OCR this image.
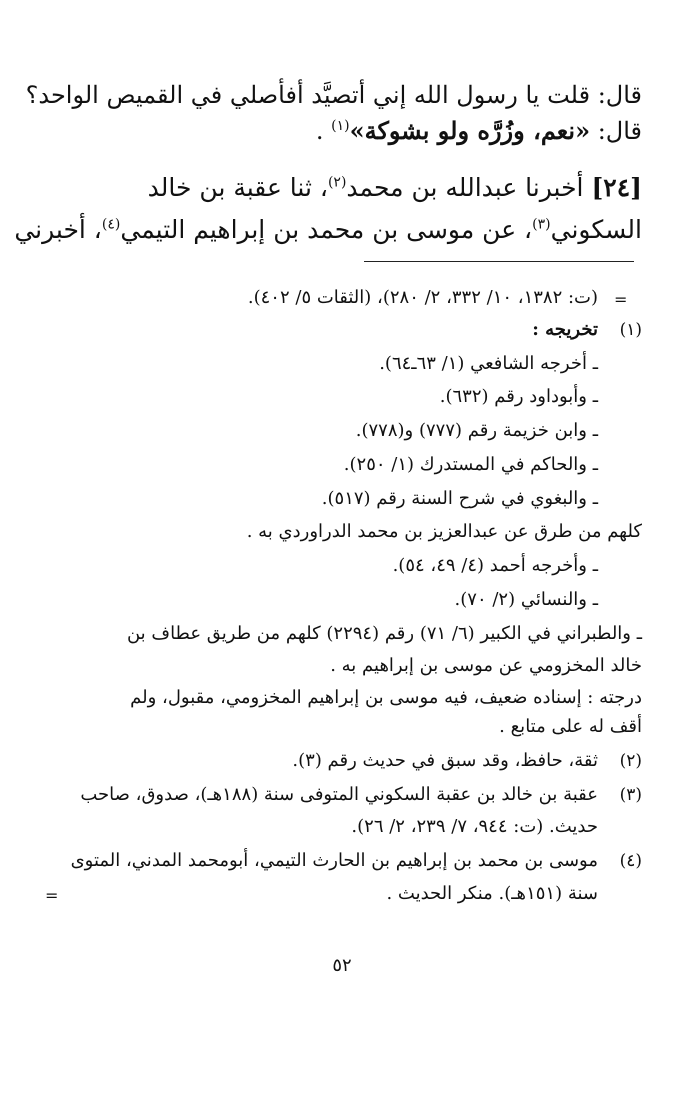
قال: قلت يا رسول الله إني أتصيَّد أفأصلي في القميص الواحد؟
قال: «نعم، وزُرَّه ولو بشوكة»$^{(١)}$ .
[٢٤] أخبرنا عبدالله بن محمد$^{(٢)}$، ثنا عقبة بن خالد
السكوني$^{(٣)}$، عن موسى بن محمد بن إبراهيم التيمي$^{(٤)}$، أخبرني
=
(ت: ١٣٨٢، ١٠/ ٣٣٢، ٢/ ٢٨٠)، (الثقات ٥/ ٤٠٢).
(١)
تخريجه :
ـ أخرجه الشافعي (١/ ٦٣ـ٦٤).
ـ وأبوداود رقم (٦٣٢).
ـ وابن خزيمة رقم (٧٧٧) و(٧٧٨).
ـ والحاكم في المستدرك (١/ ٢٥٠).
ـ والبغوي في شرح السنة رقم (٥١٧).
كلهم من طرق عن عبدالعزيز بن محمد الدراوردي به .
ـ وأخرجه أحمد (٤/ ٤٩، ٥٤).
ـ والنسائي (٢/ ٧٠).
ـ والطبراني في الكبير (٦/ ٧١) رقم (٢٢٩٤) كلهم من طريق عطاف بن
خالد المخزومي عن موسى بن إبراهيم به .
درجته : إسناده ضعيف، فيه موسى بن إبراهيم المخزومي، مقبول، ولم
أقف له على متابع .
(٢)
ثقة، حافظ، وقد سبق في حديث رقم (٣).
(٣)
عقبة بن خالد بن عقبة السكوني المتوفى سنة (١٨٨هـ)، صدوق، صاحب
حديث. (ت: ٩٤٤، ٧/ ٢٣٩، ٢/ ٢٦).
(٤)
موسى بن محمد بن إبراهيم بن الحارث التيمي، أبومحمد المدني، المتوى
سنة (١٥١هـ). منكر الحديث .
=
٥٢
